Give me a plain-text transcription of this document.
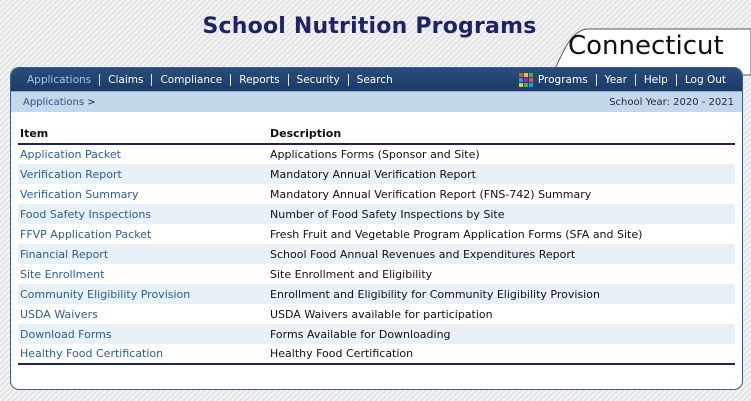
School Nutrition Programs
Connecticut
Applications	Claims	Compliance	Reports	Security	Search	Programs	Year	Help	Log Out
Applications >	School Year: 2020 - 2021
Item	Description
Application Packet	Applications Forms (Sponsor and Site)
Verification Report	Mandatory Annual Verification Report
Verification Summary	Mandatory Annual Verification Report (FNS-742) Summary
Food Safety Inspections	Number of Food Safety Inspections by Site
FFVP Application Packet	Fresh Fruit and Vegetable Program Application Forms (SFA and Site)
Financial Report	School Food Annual Revenues and Expenditures Report
Site Enrollment	Site Enrollment and Eligibility
Community Eligibility Provision	Enrollment and Eligibility for Community Eligibility Provision
USDA Waivers	USDA Waivers available for participation
Download Forms	Forms Available for Downloading
Healthy Food Certification	Healthy Food Certification
